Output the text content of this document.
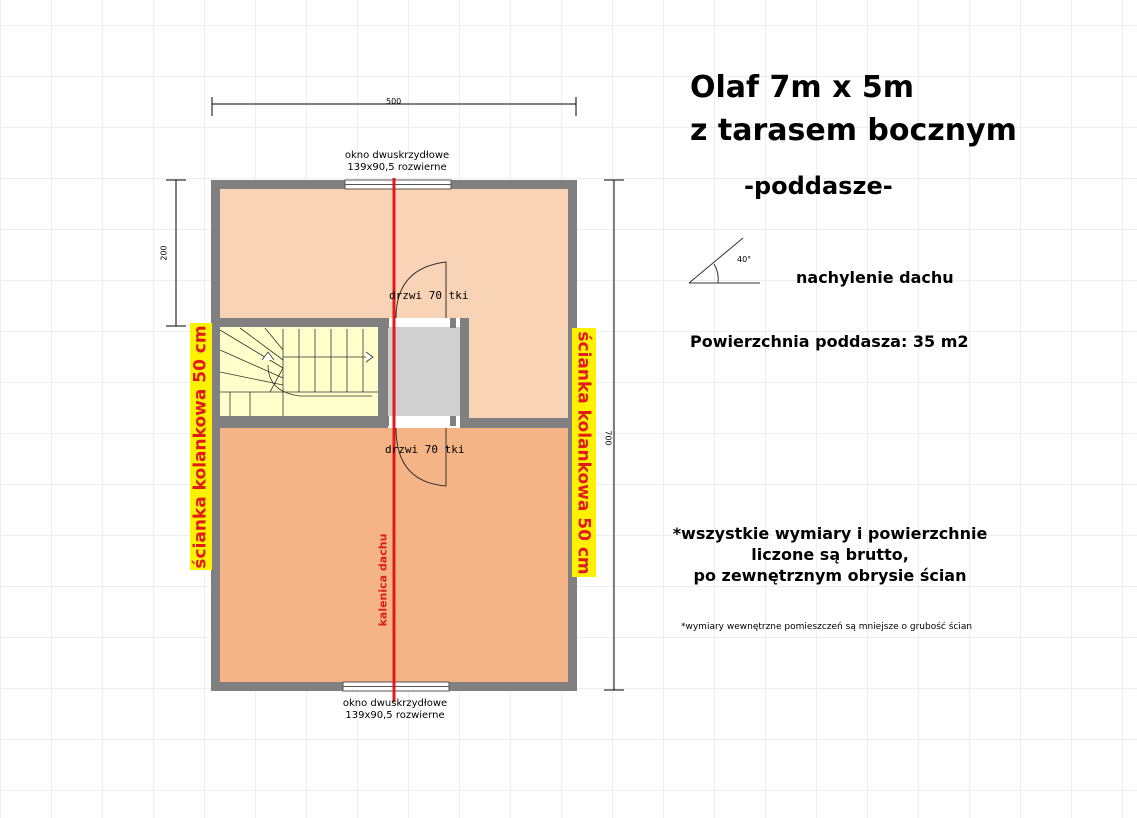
Olaf 7m x 5m
z tarasem bocznym
-poddasze-
40°
nachylenie dachu
Powierzchnia poddasza: 35 m2
*wszystkie wymiary i powierzchnie
liczone są brutto,
po zewnętrznym obrysie ścian
*wymiary wewnętrzne pomieszczeń są mniejsze o grubość ścian
okno dwuskrzydłowe
139x90,5 rozwierne
okno dwuskrzydłowe
139x90,5 rozwierne
drzwi 70 tki
drzwi 70 tki
500
200
700
ścianka kolankowa 50 cm	ścianka kolankowa 50 cm
kalenica dachu
